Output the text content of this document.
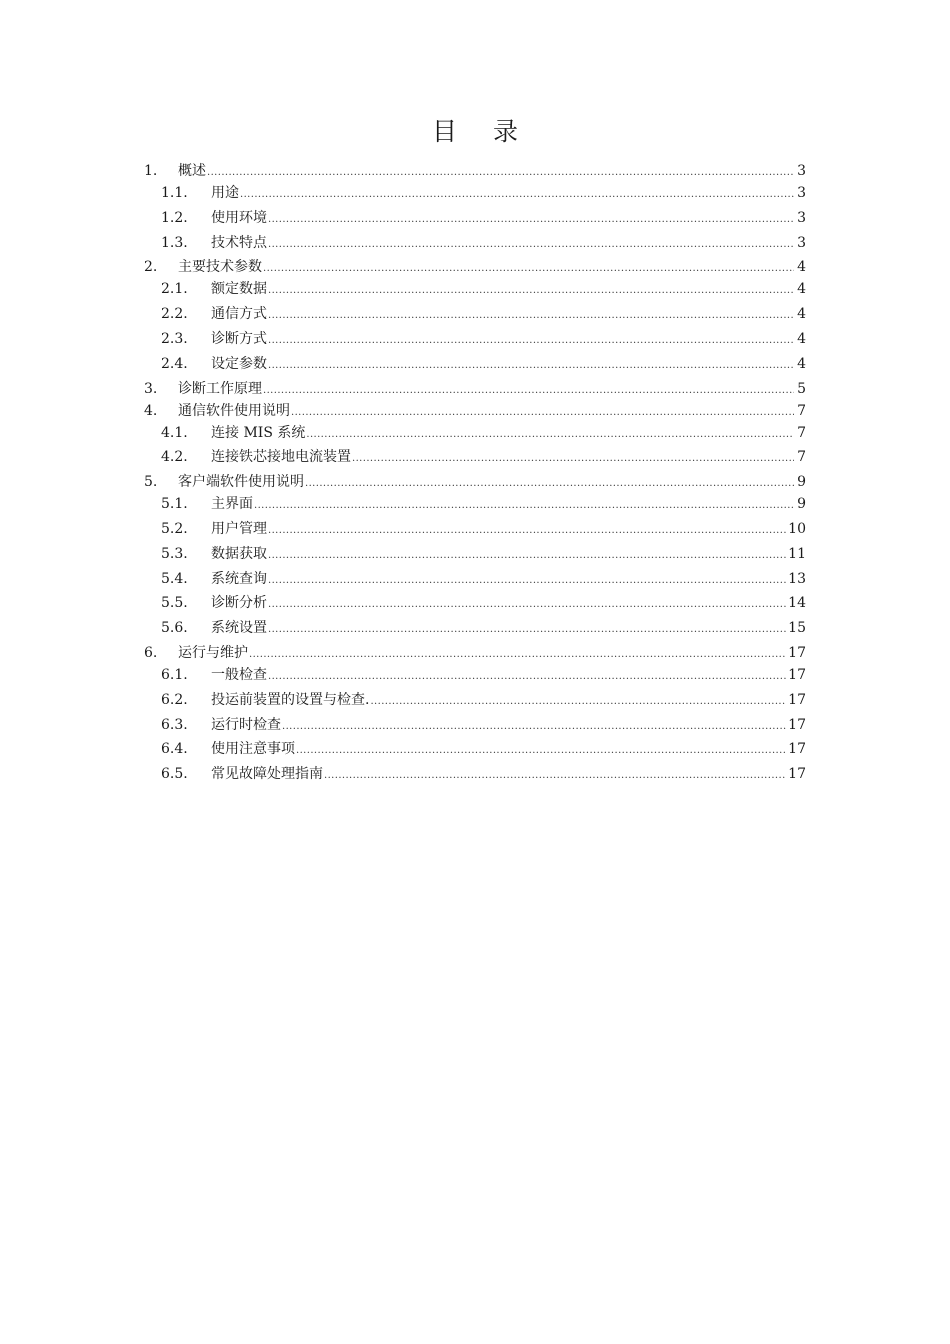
目 录
1.	概述 .....	3
1.1.	用途 .....	3
1.2.	使用环境 .....	3
1.3.	技术特点 .....	3
2.	主要技术参数 .....	4
2.1.	额定数据 .....	4
2.2.	通信方式 .....	4
2.3.	诊断方式 .....	4
2.4.	设定参数 .....	4
3.	诊断工作原理 .....	5
4.	通信软件使用说明 .....	7
4.1.	连接 MIS 系统 .....	7
4.2.	连接铁芯接地电流装置 .....	7
5.	客户端软件使用说明 .....	9
5.1.	主界面 .....	9
5.2.	用户管理 .....	10
5.3.	数据获取 .....	11
5.4.	系统查询 .....	13
5.5.	诊断分析 .....	14
5.6.	系统设置 .....	15
6.	运行与维护 .....	17
6.1.	一般检查 .....	17
6.2.	投运前装置的设置与检查. .....	17
6.3.	运行时检查 .....	17
6.4.	使用注意事项 .....	17
6.5.	常见故障处理指南 .....	17
